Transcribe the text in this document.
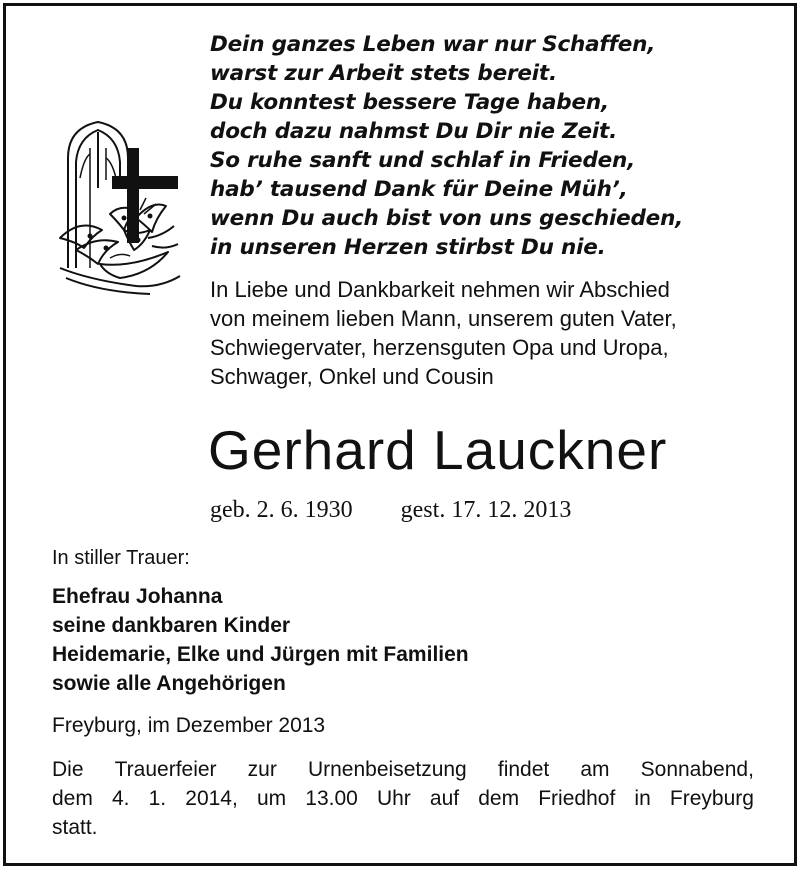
Dein ganzes Leben war nur Schaffen,
warst zur Arbeit stets bereit.
Du konntest bessere Tage haben,
doch dazu nahmst Du Dir nie Zeit.
So ruhe sanft und schlaf in Frieden,
hab’ tausend Dank für Deine Müh’,
wenn Du auch bist von uns geschieden,
in unseren Herzen stirbst Du nie.
In Liebe und Dankbarkeit nehmen wir Abschied
von meinem lieben Mann, unserem guten Vater,
Schwiegervater, herzensguten Opa und Uropa,
Schwager, Onkel und Cousin
Gerhard Lauckner
geb. 2. 6. 1930 gest. 17. 12. 2013
In stiller Trauer:
Ehefrau Johanna
seine dankbaren Kinder
Heidemarie, Elke und Jürgen mit Familien
sowie alle Angehörigen
Freyburg, im Dezember 2013
Die Trauerfeier zur Urnenbeisetzung findet am Sonnabend,
dem 4. 1. 2014, um 13.00 Uhr auf dem Friedhof in Freyburg
statt.
